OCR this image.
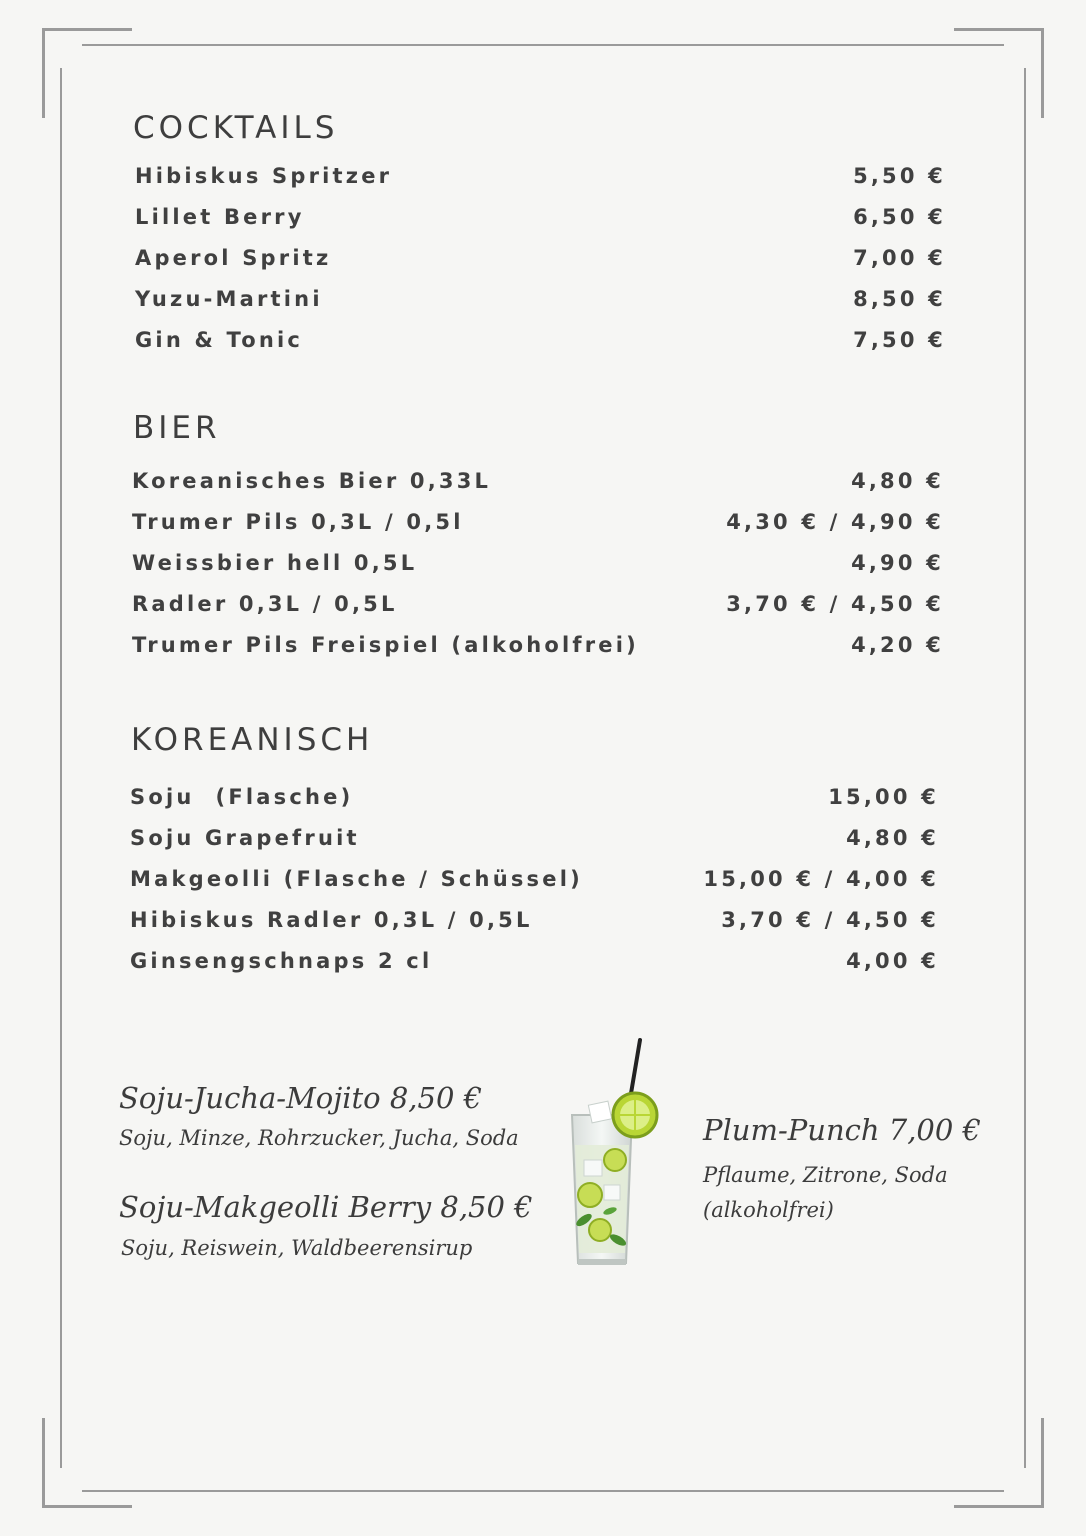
COCKTAILS
Hibiskus Spritzer	5,50 €
Lillet Berry	6,50 €
Aperol Spritz	7,00 €
Yuzu-Martini	8,50 €
Gin & Tonic	7,50 €
BIER
Koreanisches Bier 0,33L	4,80 €
Trumer Pils 0,3L / 0,5l	4,30 € / 4,90 €
Weissbier hell 0,5L	4,90 €
Radler 0,3L / 0,5L	3,70 € / 4,50 €
Trumer Pils Freispiel (alkoholfrei)	4,20 €
KOREANISCH
Soju  (Flasche)	15,00 €
Soju Grapefruit	4,80 €
Makgeolli (Flasche / Schüssel)	15,00 € / 4,00 €
Hibiskus Radler 0,3L / 0,5L	3,70 € / 4,50 €
Ginsengschnaps 2 cl	4,00 €
Soju-Jucha-Mojito 8,50 €
Soju, Minze, Rohrzucker, Jucha, Soda
Soju-Makgeolli Berry 8,50 €
Soju, Reiswein, Waldbeerensirup
Plum-Punch 7,00 €
Pflaume, Zitrone, Soda
(alkoholfrei)
